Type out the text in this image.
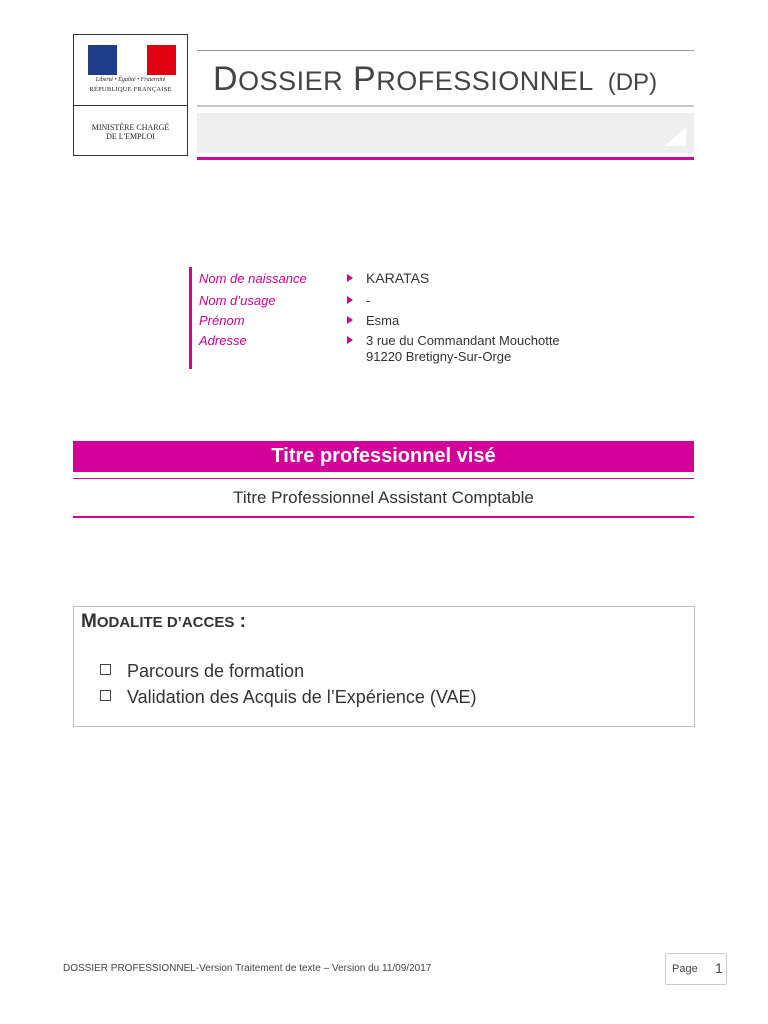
Liberté • Égalité • Fraternité
RÉPUBLIQUE FRANÇAISE
MINISTÈRE CHARGÉ
DE L'EMPLOI
DOSSIER PROFESSIONNEL (DP)
Nom de naissance	KARATAS
Nom d’usage	-
Prénom	Esma
Adresse	3 rue du Commandant Mouchotte
91220 Bretigny-Sur-Orge
Titre professionnel visé
Titre Professionnel Assistant Comptable
MODALITE D’ACCES :
Parcours de formation
Validation des Acquis de l’Expérience (VAE)
DOSSIER PROFESSIONNEL-Version Traitement de texte – Version du 11/09/2017	Page 1
